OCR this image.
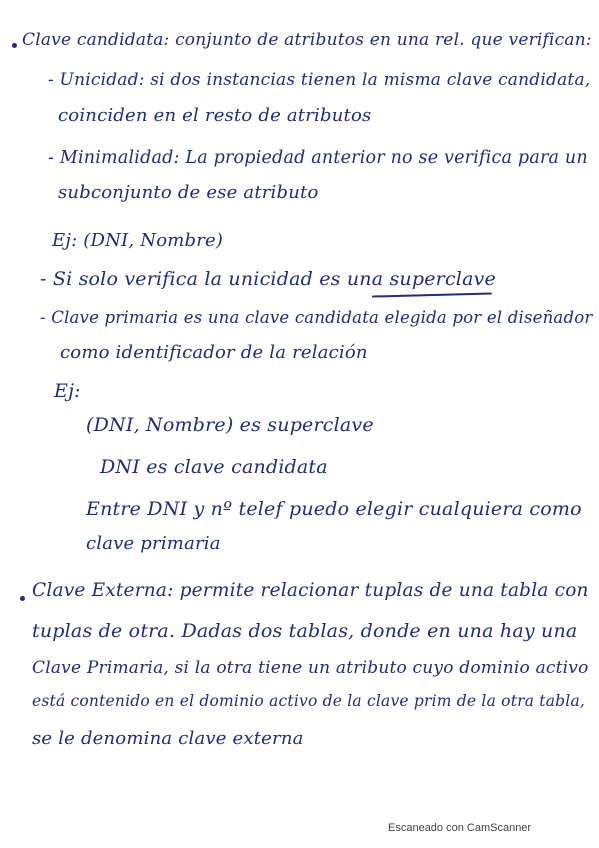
Clave candidata: conjunto de atributos en una rel. que verifican:
- Unicidad: si dos instancias tienen la misma clave candidata,
coinciden en el resto de atributos
- Minimalidad: La propiedad anterior no se verifica para un
subconjunto de ese atributo
Ej: (DNI, Nombre)
- Si solo verifica la unicidad es una superclave
- Clave primaria es una clave candidata elegida por el diseñador
como identificador de la relación
Ej:
(DNI, Nombre) es superclave
DNI es clave candidata
Entre DNI y nº telef puedo elegir cualquiera como
clave primaria
Clave Externa: permite relacionar tuplas de una tabla con
tuplas de otra. Dadas dos tablas, donde en una hay una
Clave Primaria, si la otra tiene un atributo cuyo dominio activo
está contenido en el dominio activo de la clave prim de la otra tabla,
se le denomina clave externa
Escaneado con CamScanner
